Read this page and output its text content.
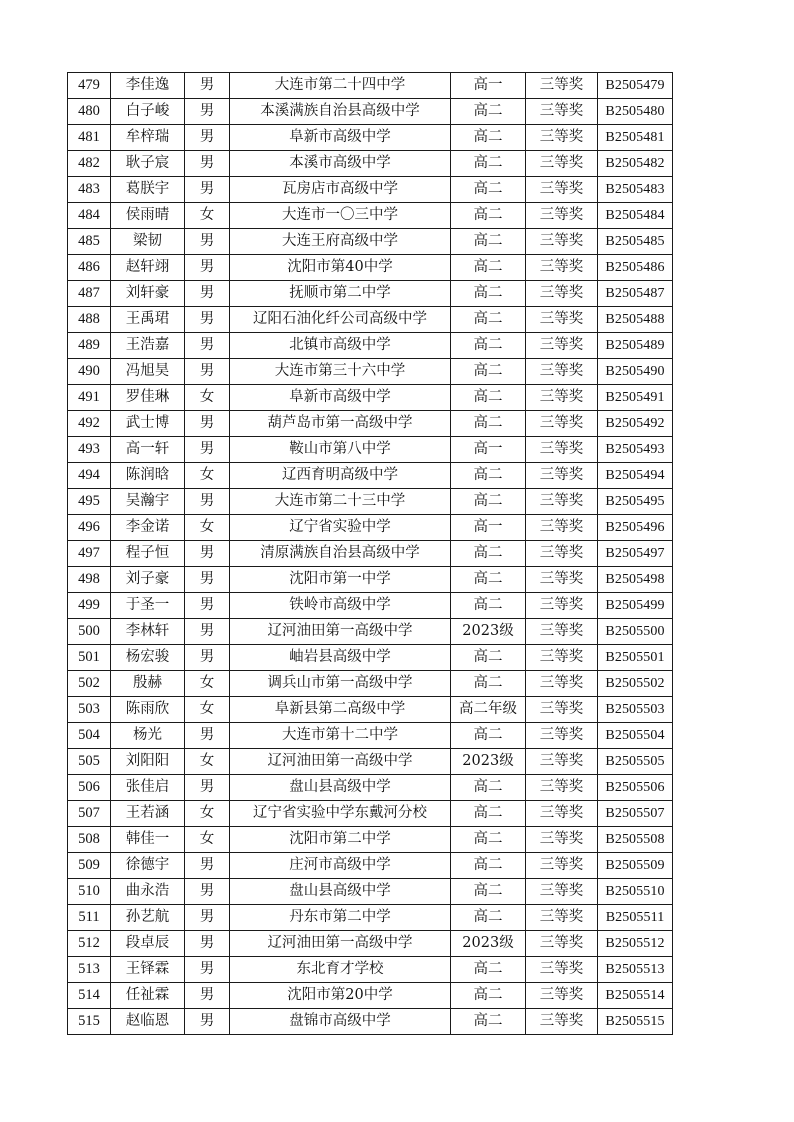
479	李佳逸	男	大连市第二十四中学	高一	三等奖	B2505479
480	白子峻	男	本溪满族自治县高级中学	高二	三等奖	B2505480
481	牟梓瑞	男	阜新市高级中学	高二	三等奖	B2505481
482	耿子宸	男	本溪市高级中学	高二	三等奖	B2505482
483	葛朕宇	男	瓦房店市高级中学	高二	三等奖	B2505483
484	侯雨晴	女	大连市一〇三中学	高二	三等奖	B2505484
485	梁韧	男	大连王府高级中学	高二	三等奖	B2505485
486	赵轩翊	男	沈阳市第40中学	高二	三等奖	B2505486
487	刘轩豪	男	抚顺市第二中学	高二	三等奖	B2505487
488	王禹珺	男	辽阳石油化纤公司高级中学	高二	三等奖	B2505488
489	王浩嘉	男	北镇市高级中学	高二	三等奖	B2505489
490	冯旭昊	男	大连市第三十六中学	高二	三等奖	B2505490
491	罗佳琳	女	阜新市高级中学	高二	三等奖	B2505491
492	武士博	男	葫芦岛市第一高级中学	高二	三等奖	B2505492
493	高一轩	男	鞍山市第八中学	高一	三等奖	B2505493
494	陈润晗	女	辽西育明高级中学	高二	三等奖	B2505494
495	吴瀚宇	男	大连市第二十三中学	高二	三等奖	B2505495
496	李金诺	女	辽宁省实验中学	高一	三等奖	B2505496
497	程子恒	男	清原满族自治县高级中学	高二	三等奖	B2505497
498	刘子豪	男	沈阳市第一中学	高二	三等奖	B2505498
499	于圣一	男	铁岭市高级中学	高二	三等奖	B2505499
500	李林轩	男	辽河油田第一高级中学	2023级	三等奖	B2505500
501	杨宏骏	男	岫岩县高级中学	高二	三等奖	B2505501
502	殷赫	女	调兵山市第一高级中学	高二	三等奖	B2505502
503	陈雨欣	女	阜新县第二高级中学	高二年级	三等奖	B2505503
504	杨光	男	大连市第十二中学	高二	三等奖	B2505504
505	刘阳阳	女	辽河油田第一高级中学	2023级	三等奖	B2505505
506	张佳启	男	盘山县高级中学	高二	三等奖	B2505506
507	王若涵	女	辽宁省实验中学东戴河分校	高二	三等奖	B2505507
508	韩佳一	女	沈阳市第二中学	高二	三等奖	B2505508
509	徐德宇	男	庄河市高级中学	高二	三等奖	B2505509
510	曲永浩	男	盘山县高级中学	高二	三等奖	B2505510
511	孙艺航	男	丹东市第二中学	高二	三等奖	B2505511
512	段卓辰	男	辽河油田第一高级中学	2023级	三等奖	B2505512
513	王铎霖	男	东北育才学校	高二	三等奖	B2505513
514	任祉霖	男	沈阳市第20中学	高二	三等奖	B2505514
515	赵临恩	男	盘锦市高级中学	高二	三等奖	B2505515
